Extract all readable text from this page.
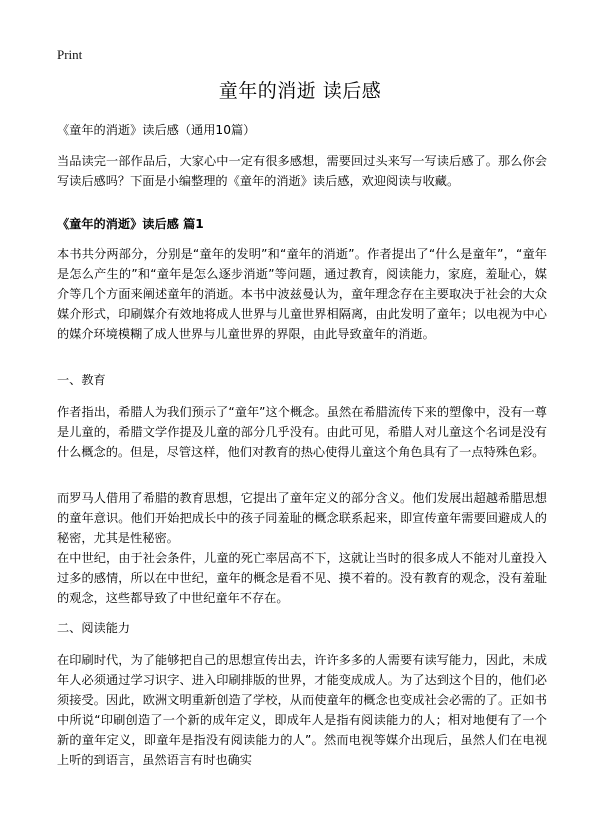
Print
童年的消逝 读后感

《童年的消逝》读后感（通用10篇）

当品读完一部作品后，大家心中一定有很多感想，需要回过头来写一写读后感了。那么你会写读后感吗？下面是小编整理的《童年的消逝》读后感，欢迎阅读与收藏。

《童年的消逝》读后感 篇1

本书共分两部分，分别是“童年的发明”和“童年的消逝”。作者提出了“什么是童年”，“童年是怎么产生的”和“童年是怎么逐步消逝”等问题，通过教育，阅读能力，家庭，羞耻心，媒介等几个方面来阐述童年的消逝。本书中波兹曼认为，童年理念存在主要取决于社会的大众媒介形式，印刷媒介有效地将成人世界与儿童世界相隔离，由此发明了童年；以电视为中心的媒介环境模糊了成人世界与儿童世界的界限，由此导致童年的消逝。

一、教育

作者指出，希腊人为我们预示了“童年”这个概念。虽然在希腊流传下来的塑像中，没有一尊是儿童的，希腊文学作提及儿童的部分几乎没有。由此可见，希腊人对儿童这个名词是没有什么概念的。但是，尽管这样，他们对教育的热心使得儿童这个角色具有了一点特殊色彩。

而罗马人借用了希腊的教育思想，它提出了童年定义的部分含义。他们发展出超越希腊思想的童年意识。他们开始把成长中的孩子同羞耻的概念联系起来，即宣传童年需要回避成人的秘密，尤其是性秘密。

在中世纪，由于社会条件，儿童的死亡率居高不下，这就让当时的很多成人不能对儿童投入过多的感情，所以在中世纪，童年的概念是看不见、摸不着的。没有教育的观念，没有羞耻的观念，这些都导致了中世纪童年不存在。

二、阅读能力

在印刷时代，为了能够把自己的思想宣传出去，许许多多的人需要有读写能力，因此，未成年人必须通过学习识字、进入印刷排版的世界，才能变成成人。为了达到这个目的，他们必须接受。因此，欧洲文明重新创造了学校，从而使童年的概念也变成社会必需的了。正如书中所说“印刷创造了一个新的成年定义，即成年人是指有阅读能力的人；相对地便有了一个新的童年定义，即童年是指没有阅读能力的人”。然而电视等媒介出现后，虽然人们在电视上听的到语言，虽然语言有时也确实
